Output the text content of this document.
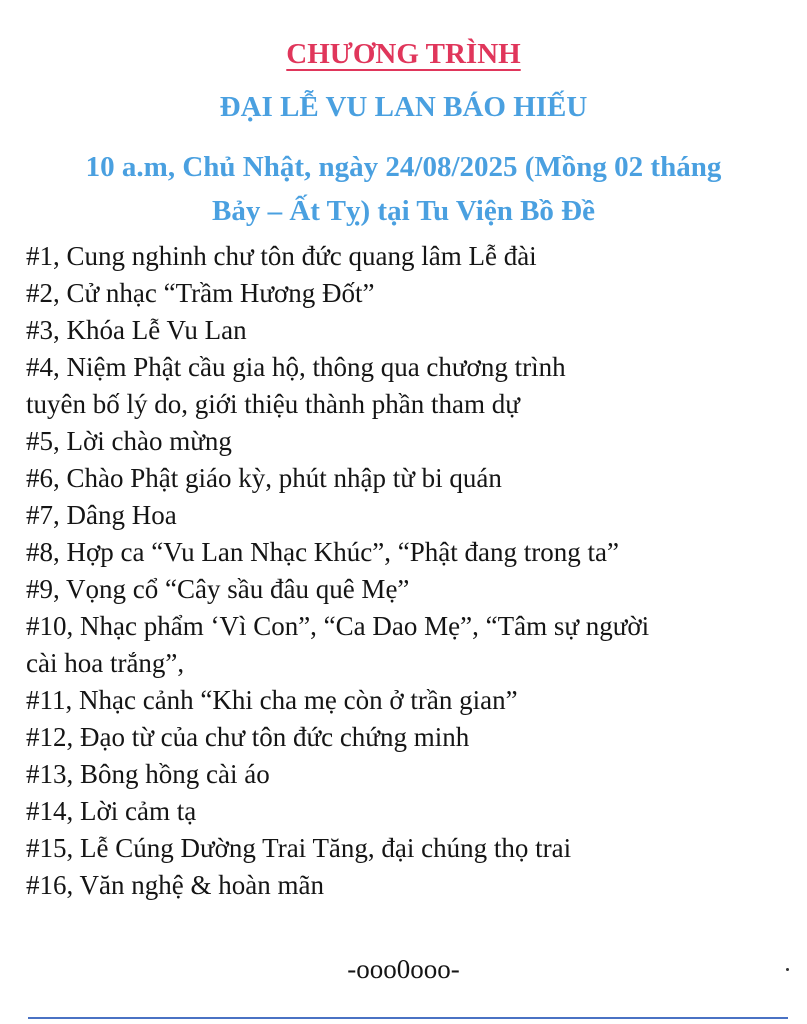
CHƯƠNG TRÌNH
ĐẠI LỄ VU LAN BÁO HIẾU
10 a.m, Chủ Nhật, ngày 24/08/2025 (Mồng 02 tháng
Bảy – Ất Tỵ) tại Tu Viện Bồ Đề
#1, Cung nghinh chư tôn đức quang lâm Lễ đài
#2, Cử nhạc “Trầm Hương Đốt”
#3, Khóa Lễ Vu Lan
#4, Niệm Phật cầu gia hộ, thông qua chương trình
tuyên bố lý do, giới thiệu thành phần tham dự
#5, Lời chào mừng
#6, Chào Phật giáo kỳ, phút nhập từ bi quán
#7, Dâng Hoa
#8, Hợp ca “Vu Lan Nhạc Khúc”, “Phật đang trong ta”
#9, Vọng cổ “Cây sầu đâu quê Mẹ”
#10, Nhạc phẩm ‘Vì Con”, “Ca Dao Mẹ”, “Tâm sự người
cài hoa trắng”,
#11, Nhạc cảnh “Khi cha mẹ còn ở trần gian”
#12, Đạo từ của chư tôn đức chứng minh
#13, Bông hồng cài áo
#14, Lời cảm tạ
#15, Lễ Cúng Dường Trai Tăng, đại chúng thọ trai
#16, Văn nghệ & hoàn mãn
-ooo0ooo-
